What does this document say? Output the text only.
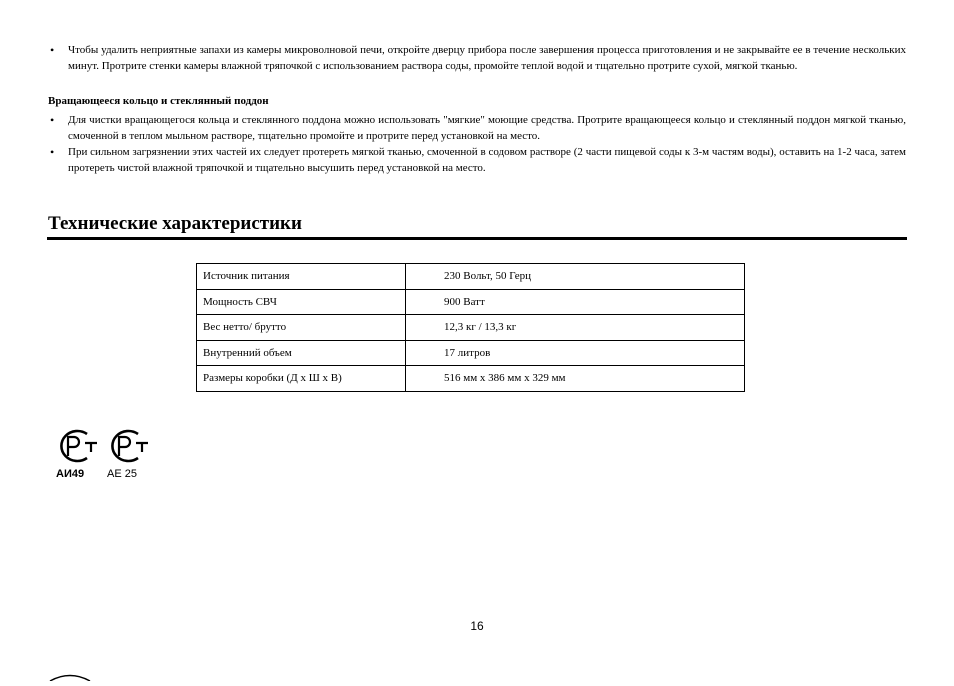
• Чтобы удалить неприятные запахи из камеры микроволновой печи, откройте дверцу прибора после завершения процесса приготовления и не закрывайте ее в течение нескольких минут. Протрите стенки камеры влажной тряпочкой с использованием раствора соды, промойте теплой водой и тщательно протрите сухой, мягкой тканью.
Вращающееся кольцо и стеклянный поддон
• Для чистки вращающегося кольца и стеклянного поддона можно использовать "мягкие" моющие средства. Протрите вращающееся кольцо и стеклянный поддон мягкой тканью, смоченной в теплом мыльном растворе, тщательно промойте и протрите перед установкой на место.
• При сильном загрязнении этих частей их следует протереть мягкой тканью, смоченной в содовом растворе (2 части пищевой соды к 3-м частям воды), оставить на 1-2 часа, затем протереть чистой влажной тряпочкой и тщательно высушить перед установкой на место.
Технические характеристики
Источник питания	230 Вольт, 50 Герц
Мощность СВЧ	900 Ватт
Вес нетто/ брутто	12,3 кг / 13,3 кг
Внутренний объем	17 литров
Размеры коробки (Д х Ш х В)	516 мм х 386 мм х 329 мм
АИ49	AE 25
16
